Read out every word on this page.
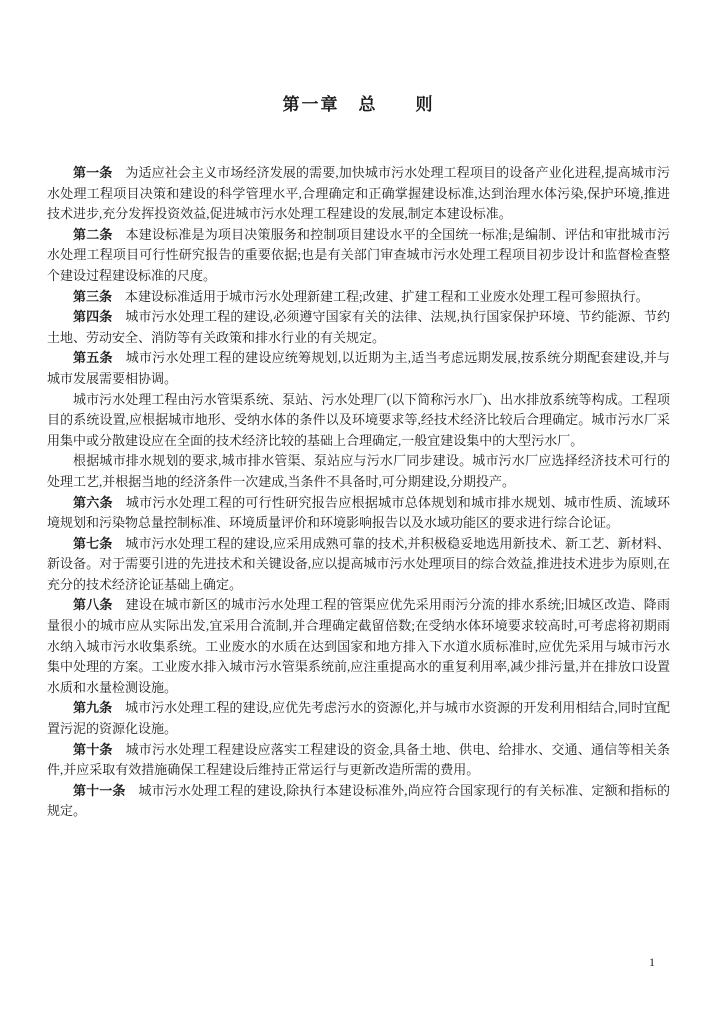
第一章　总　　则

第一条 为适应社会主义市场经济发展的需要,加快城市污水处理工程项目的设备产业化进程,提高城市污水处理工程项目决策和建设的科学管理水平,合理确定和正确掌握建设标准,达到治理水体污染,保护环境,推进技术进步,充分发挥投资效益,促进城市污水处理工程建设的发展,制定本建设标准。

第二条 本建设标准是为项目决策服务和控制项目建设水平的全国统一标准;是编制、评估和审批城市污水处理工程项目可行性研究报告的重要依据;也是有关部门审查城市污水处理工程项目初步设计和监督检查整个建设过程建设标准的尺度。

第三条 本建设标准适用于城市污水处理新建工程;改建、扩建工程和工业废水处理工程可参照执行。

第四条 城市污水处理工程的建设,必须遵守国家有关的法律、法规,执行国家保护环境、节约能源、节约土地、劳动安全、消防等有关政策和排水行业的有关规定。

第五条 城市污水处理工程的建设应统筹规划,以近期为主,适当考虑远期发展,按系统分期配套建设,并与城市发展需要相协调。

城市污水处理工程由污水管渠系统、泵站、污水处理厂(以下简称污水厂)、出水排放系统等构成。工程项目的系统设置,应根据城市地形、受纳水体的条件以及环境要求等,经技术经济比较后合理确定。城市污水厂采用集中或分散建设应在全面的技术经济比较的基础上合理确定,一般宜建设集中的大型污水厂。

根据城市排水规划的要求,城市排水管渠、泵站应与污水厂同步建设。城市污水厂应选择经济技术可行的处理工艺,并根据当地的经济条件一次建成,当条件不具备时,可分期建设,分期投产。

第六条 城市污水处理工程的可行性研究报告应根据城市总体规划和城市排水规划、城市性质、流域环境规划和污染物总量控制标准、环境质量评价和环境影响报告以及水域功能区的要求进行综合论证。

第七条 城市污水处理工程的建设,应采用成熟可靠的技术,并积极稳妥地选用新技术、新工艺、新材料、新设备。对于需要引进的先进技术和关键设备,应以提高城市污水处理项目的综合效益,推进技术进步为原则,在充分的技术经济论证基础上确定。

第八条 建设在城市新区的城市污水处理工程的管渠应优先采用雨污分流的排水系统;旧城区改造、降雨量很小的城市应从实际出发,宜采用合流制,并合理确定截留倍数;在受纳水体环境要求较高时,可考虑将初期雨水纳入城市污水收集系统。工业废水的水质在达到国家和地方排入下水道水质标准时,应优先采用与城市污水集中处理的方案。工业废水排入城市污水管渠系统前,应注重提高水的重复利用率,减少排污量,并在排放口设置水质和水量检测设施。

第九条 城市污水处理工程的建设,应优先考虑污水的资源化,并与城市水资源的开发利用相结合,同时宜配置污泥的资源化设施。

第十条 城市污水处理工程建设应落实工程建设的资金,具备土地、供电、给排水、交通、通信等相关条件,并应采取有效措施确保工程建设后维持正常运行与更新改造所需的费用。

第十一条 城市污水处理工程的建设,除执行本建设标准外,尚应符合国家现行的有关标准、定额和指标的规定。

1
